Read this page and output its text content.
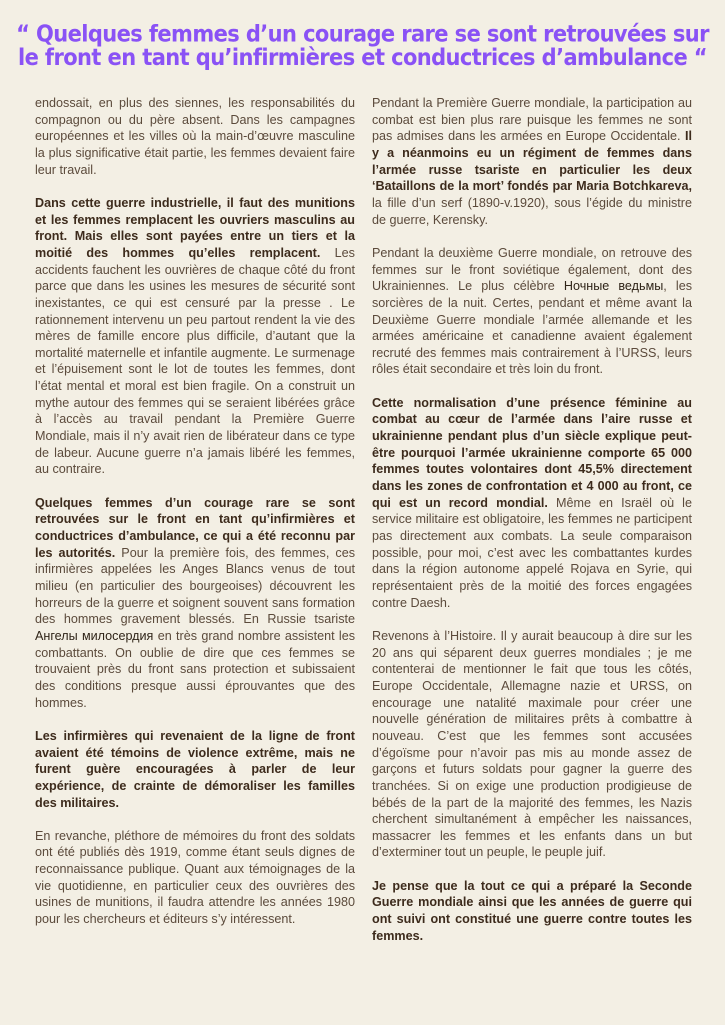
“ Quelques femmes d’un courage rare se sont retrouvées sur
le front en tant qu’infirmières et conductrices d’ambulance “

endossait, en plus des siennes, les responsabilités du compagnon ou du père absent. Dans les campagnes européennes et les villes où la main-d’œuvre masculine la plus significative était partie, les femmes devaient faire leur travail.

Dans cette guerre industrielle, il faut des munitions et les femmes remplacent les ouvriers masculins au front. Mais elles sont payées entre un tiers et la moitié des hommes qu’elles remplacent. Les accidents fauchent les ouvrières de chaque côté du front parce que dans les usines les mesures de sécurité sont inexistantes, ce qui est censuré par la presse . Le rationnement intervenu un peu partout rendent la vie des mères de famille encore plus difficile, d’autant que la mortalité maternelle et infantile augmente. Le surmenage et l’épuisement sont le lot de toutes les femmes, dont l’état mental et moral est bien fragile. On a construit un mythe autour des femmes qui se seraient libérées grâce à l’accès au travail pendant la Première Guerre Mondiale, mais il n’y avait rien de libérateur dans ce type de labeur. Aucune guerre n’a jamais libéré les femmes, au contraire.

Quelques femmes d’un courage rare se sont retrouvées sur le front en tant qu’infirmières et conductrices d’ambulance, ce qui a été reconnu par les autorités. Pour la première fois, des femmes, ces infirmières appelées les Anges Blancs venus de tout milieu (en particulier des bourgeoises) découvrent les horreurs de la guerre et soignent souvent sans formation des hommes gravement blessés. En Russie tsariste Ангелы милосердия en très grand nombre assistent les combattants. On oublie de dire que ces femmes se trouvaient près du front sans protection et subissaient des conditions presque aussi éprouvantes que des hommes.

Les infirmières qui revenaient de la ligne de front avaient été témoins de violence extrême, mais ne furent guère encouragées à parler de leur expérience, de crainte de démoraliser les familles des militaires.

En revanche, pléthore de mémoires du front des soldats ont été publiés dès 1919, comme étant seuls dignes de reconnaissance publique. Quant aux témoignages de la vie quotidienne, en particulier ceux des ouvrières des usines de munitions, il faudra attendre les années 1980 pour les chercheurs et éditeurs s’y intéressent.

Pendant la Première Guerre mondiale, la participation au combat est bien plus rare puisque les femmes ne sont pas admises dans les armées en Europe Occidentale. Il y a néanmoins eu un régiment de femmes dans l’armée russe tsariste en particulier les deux ‘Bataillons de la mort’ fondés par Maria Botchkareva, la fille d’un serf (1890-v.1920), sous l’égide du ministre de guerre, Kerensky.

Pendant la deuxième Guerre mondiale, on retrouve des femmes sur le front soviétique également, dont des Ukrainiennes. Le plus célèbre Ночные ведьмы, les sorcières de la nuit. Certes, pendant et même avant la Deuxième Guerre mondiale l’armée allemande et les armées américaine et canadienne avaient également recruté des femmes mais contrairement à l’URSS, leurs rôles était secondaire et très loin du front.

Cette normalisation d’une présence féminine au combat au cœur de l’armée dans l’aire russe et ukrainienne pendant plus d’un siècle explique peut-être pourquoi l’armée ukrainienne comporte 65 000 femmes toutes volontaires dont 45,5% directement dans les zones de confrontation et 4 000 au front, ce qui est un record mondial. Même en Israël où le service militaire est obligatoire, les femmes ne participent pas directement aux combats. La seule comparaison possible, pour moi, c’est avec les combattantes kurdes dans la région autonome appelé Rojava en Syrie, qui représentaient près de la moitié des forces engagées contre Daesh.

Revenons à l’Histoire. Il y aurait beaucoup à dire sur les 20 ans qui séparent deux guerres mondiales ; je me contenterai de mentionner le fait que tous les côtés, Europe Occidentale, Allemagne nazie et URSS, on encourage une natalité maximale pour créer une nouvelle génération de militaires prêts à combattre à nouveau. C’est que les femmes sont accusées d’égoïsme pour n’avoir pas mis au monde assez de garçons et futurs soldats pour gagner la guerre des tranchées. Si on exige une production prodigieuse de bébés de la part de la majorité des femmes, les Nazis cherchent simultanément à empêcher les naissances, massacrer les femmes et les enfants dans un but d’exterminer tout un peuple, le peuple juif.

Je pense que la tout ce qui a préparé la Seconde Guerre mondiale ainsi que les années de guerre qui ont suivi ont constitué une guerre contre toutes les femmes.
